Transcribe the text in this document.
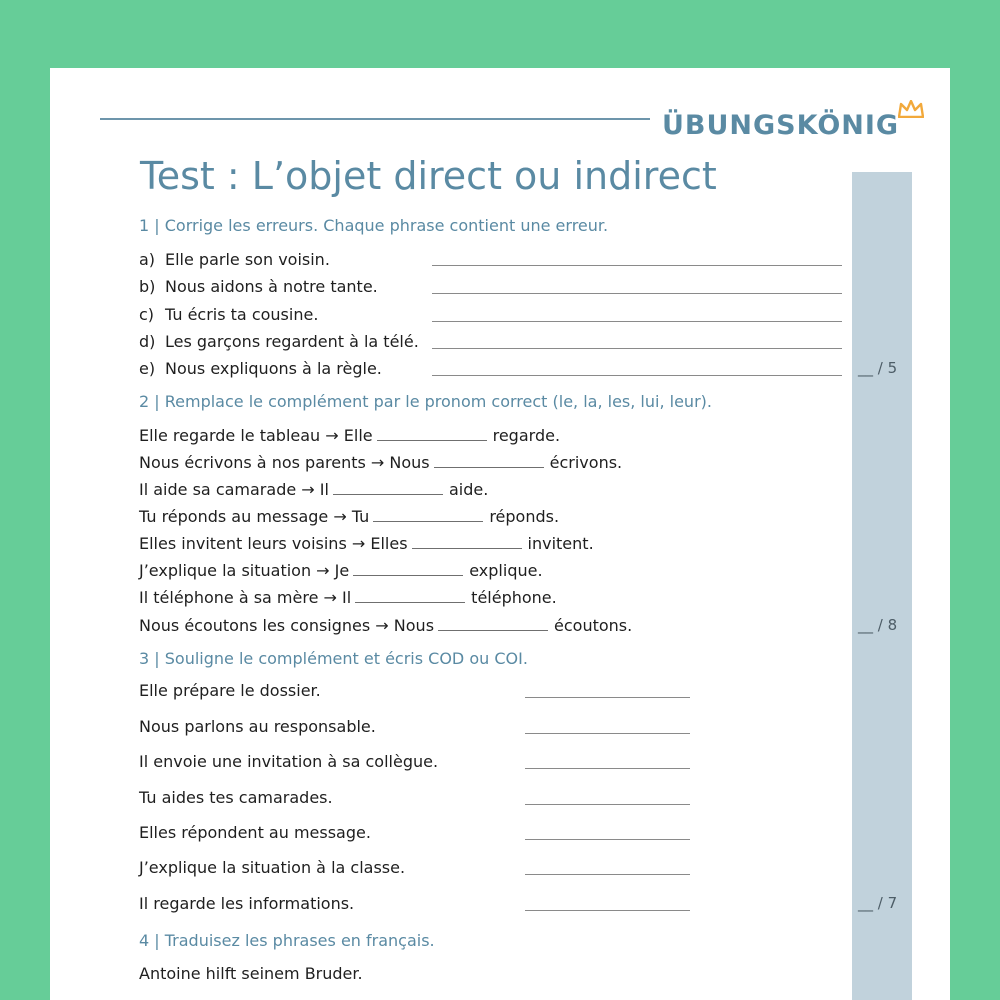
ÜBUNGSKÖNIG
Test : L’objet direct ou indirect
1 | Corrige les erreurs. Chaque phrase contient une erreur.
a) Elle parle son voisin.
b) Nous aidons à notre tante.
c) Tu écris ta cousine.
d) Les garçons regardent à la télé.
e) Nous expliquons à la règle.	__ / 5
2 | Remplace le complément par le pronom correct (le, la, les, lui, leur).
Elle regarde le tableau → Elle	regarde.
Nous écrivons à nos parents → Nous	écrivons.
Il aide sa camarade → Il	aide.
Tu réponds au message → Tu	réponds.
Elles invitent leurs voisins → Elles	invitent.
J’explique la situation → Je	explique.
Il téléphone à sa mère → Il	téléphone.
Nous écoutons les consignes → Nous	écoutons.	__ / 8
3 | Souligne le complément et écris COD ou COI.
Elle prépare le dossier.
Nous parlons au responsable.
Il envoie une invitation à sa collègue.
Tu aides tes camarades.
Elles répondent au message.
J’explique la situation à la classe.
Il regarde les informations.	__ / 7
4 | Traduisez les phrases en français.
Antoine hilft seinem Bruder.
